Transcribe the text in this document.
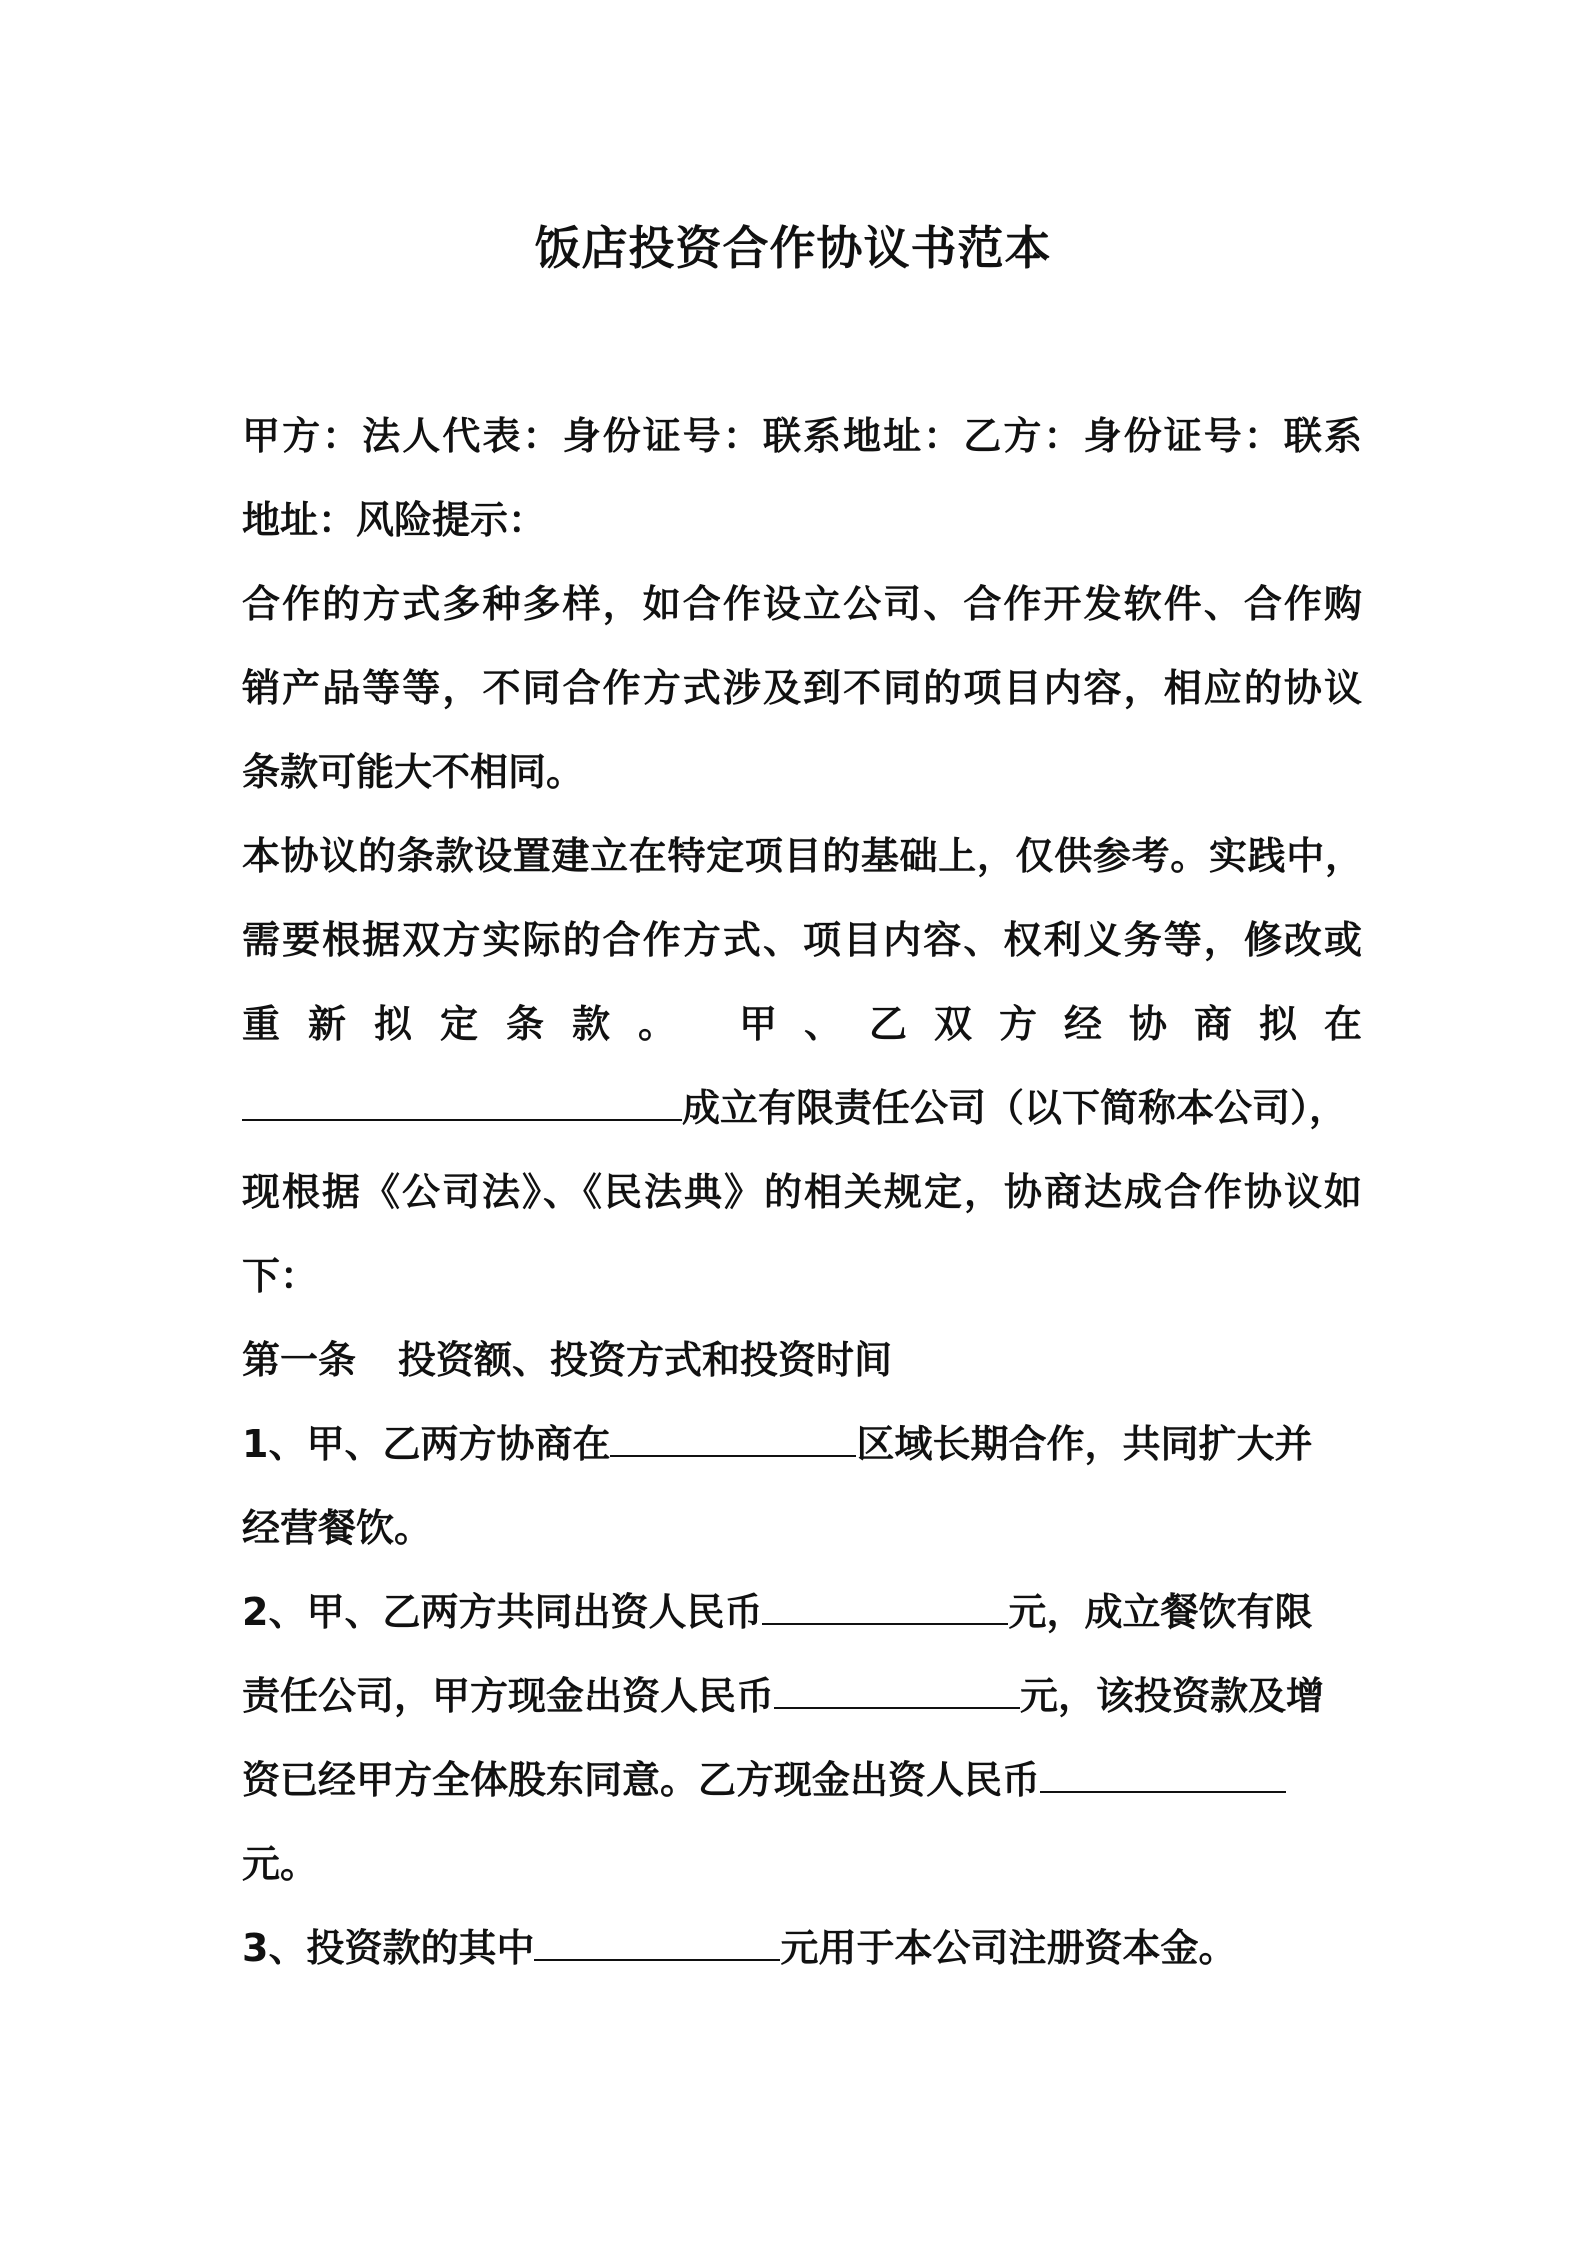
饭店投资合作协议书范本
甲方：法人代表：身份证号：联系地址：乙方：身份证号：联系
地址：风险提示：
合作的方式多种多样，如合作设立公司、合作开发软件、合作购
销产品等等，不同合作方式涉及到不同的项目内容，相应的协议
条款可能大不相同。
本协议的条款设置建立在特定项目的基础上，仅供参考。实践中，
需要根据双方实际的合作方式、项目内容、权利义务等，修改或
重新拟定条款。 甲、乙双方经协商拟在
成立有限责任公司（以下简称本公司），
现根据《公司法》、《民法典》的相关规定，协商达成合作协议如
下：
第一条 投资额、投资方式和投资时间
1、甲、乙两方协商在	区域长期合作，共同扩大并
经营餐饮。
2、甲、乙两方共同出资人民币	元，成立餐饮有限
责任公司，甲方现金出资人民币	元，该投资款及增
资已经甲方全体股东同意。乙方现金出资人民币
元。
3、投资款的其中	元用于本公司注册资本金。
